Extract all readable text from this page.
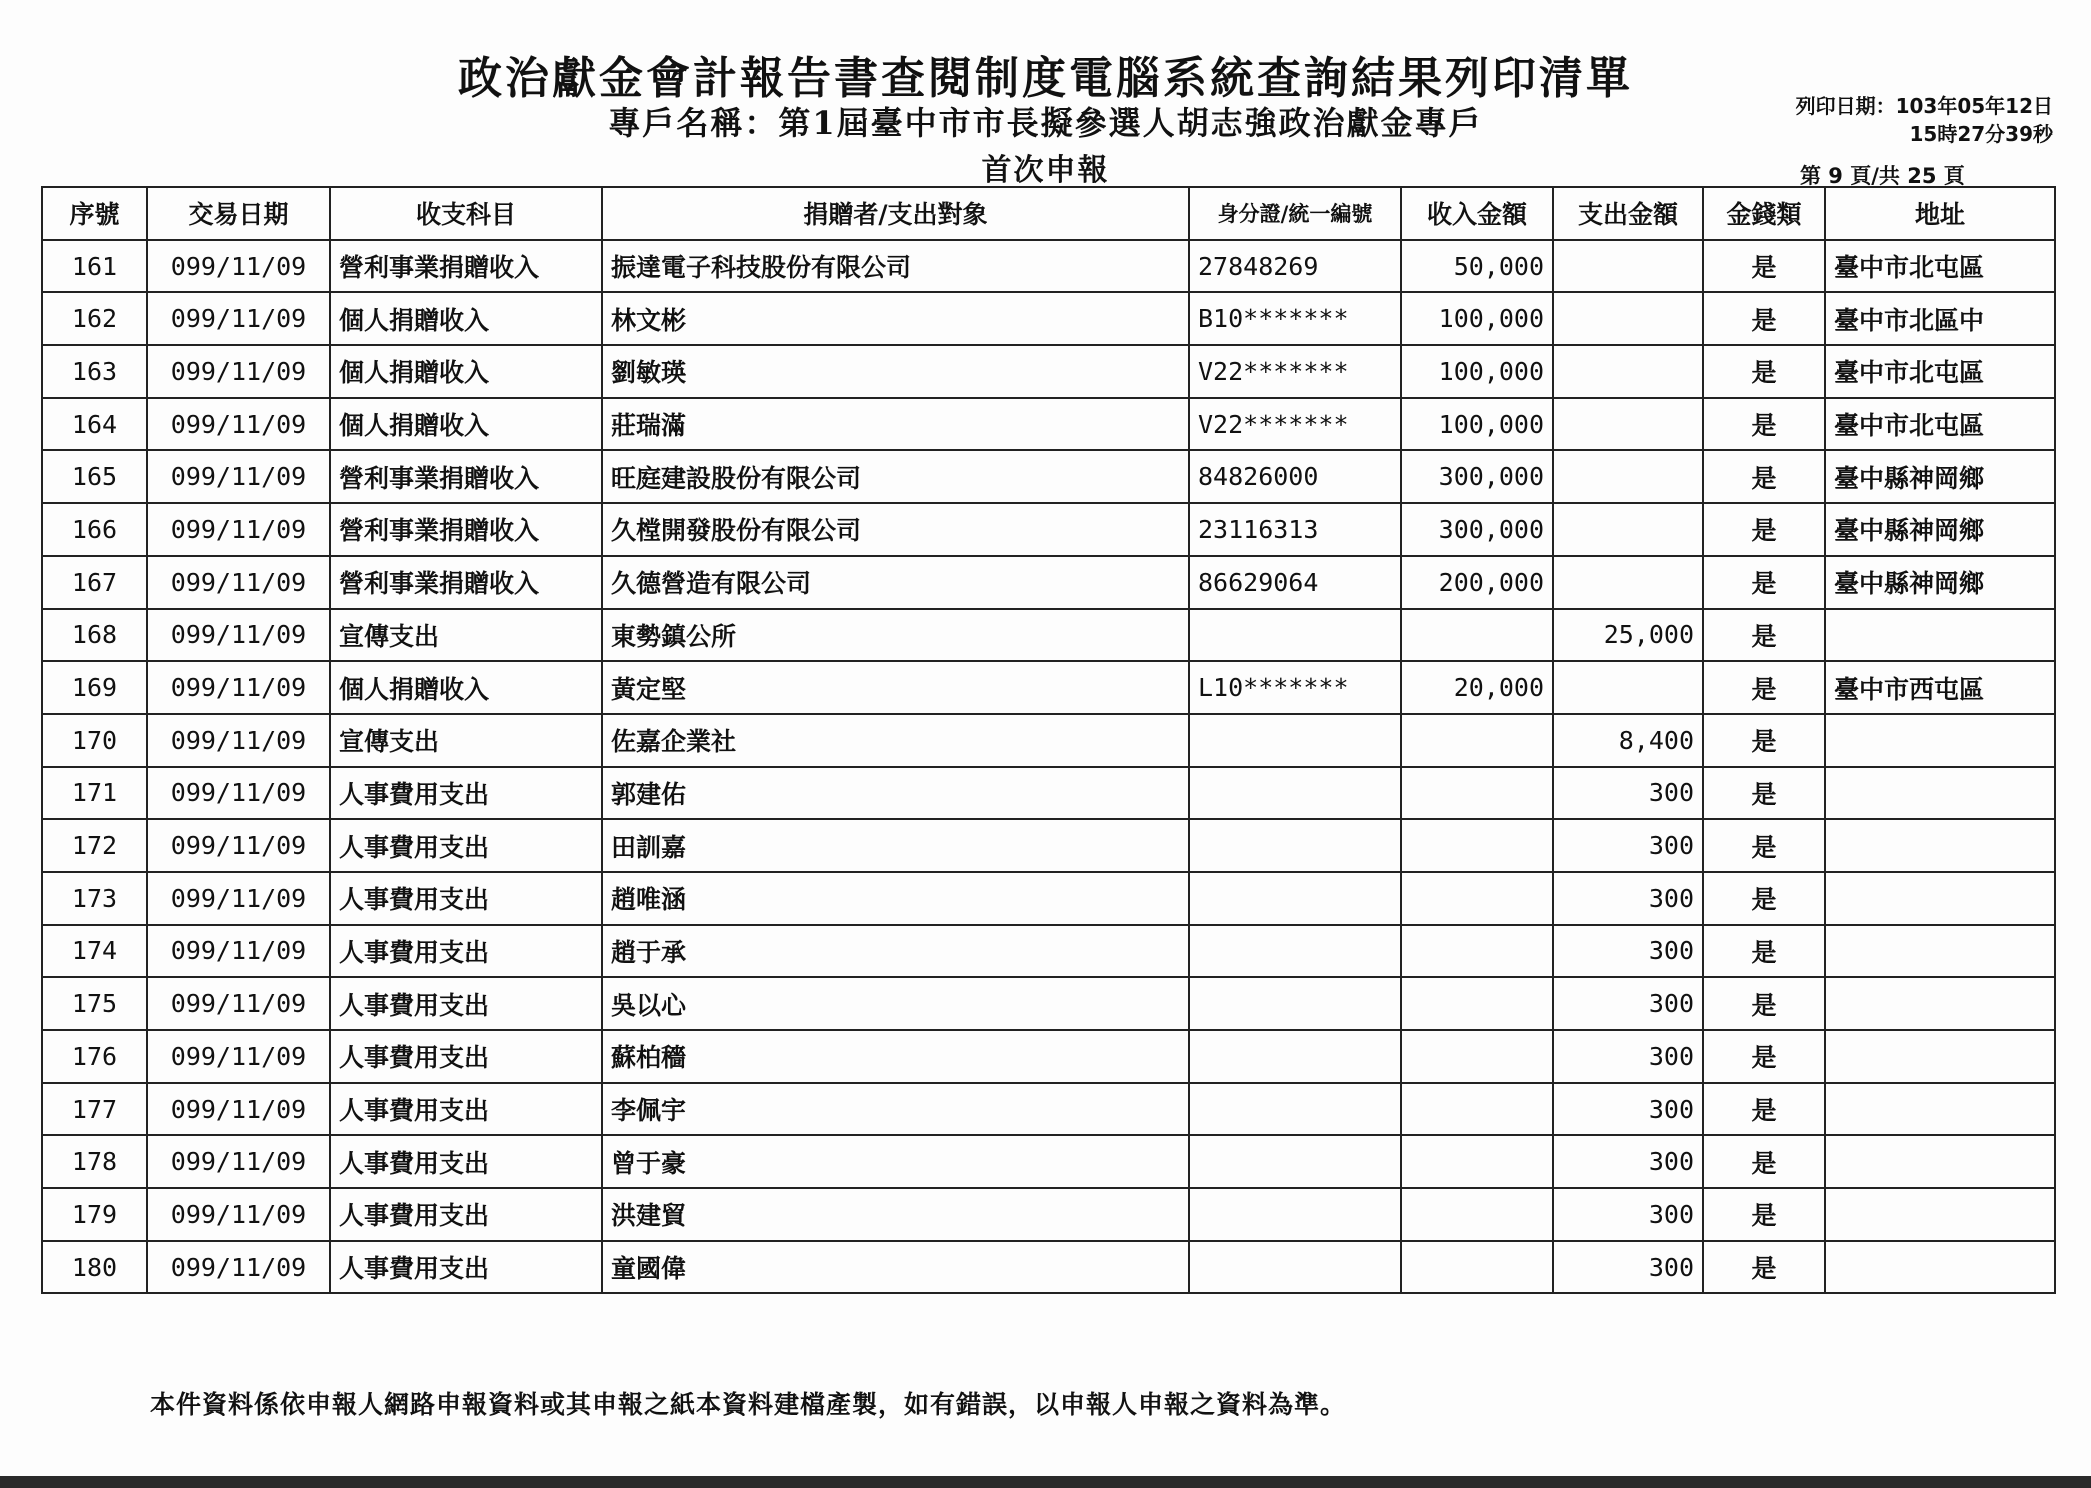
政治獻金會計報告書查閱制度電腦系統查詢結果列印清單
專戶名稱：第1屆臺中市市長擬參選人胡志強政治獻金專戶
首次申報
列印日期：103年05年12日
15時27分39秒
第 9 頁/共 25 頁
序號	交易日期	收支科目	捐贈者/支出對象	身分證/統一編號	收入金額	支出金額	金錢類	地址
161	099/11/09	營利事業捐贈收入	振達電子科技股份有限公司	27848269	50,000		是	臺中市北屯區
162	099/11/09	個人捐贈收入	林文彬	B10*******	100,000		是	臺中市北區中
163	099/11/09	個人捐贈收入	劉敏瑛	V22*******	100,000		是	臺中市北屯區
164	099/11/09	個人捐贈收入	莊瑞滿	V22*******	100,000		是	臺中市北屯區
165	099/11/09	營利事業捐贈收入	旺庭建設股份有限公司	84826000	300,000		是	臺中縣神岡鄉
166	099/11/09	營利事業捐贈收入	久樘開發股份有限公司	23116313	300,000		是	臺中縣神岡鄉
167	099/11/09	營利事業捐贈收入	久德營造有限公司	86629064	200,000		是	臺中縣神岡鄉
168	099/11/09	宣傳支出	東勢鎮公所			25,000	是	
169	099/11/09	個人捐贈收入	黃定堅	L10*******	20,000		是	臺中市西屯區
170	099/11/09	宣傳支出	佐嘉企業社			8,400	是	
171	099/11/09	人事費用支出	郭建佑			300	是	
172	099/11/09	人事費用支出	田訓嘉			300	是	
173	099/11/09	人事費用支出	趙唯涵			300	是	
174	099/11/09	人事費用支出	趙于承			300	是	
175	099/11/09	人事費用支出	吳以心			300	是	
176	099/11/09	人事費用支出	蘇柏穡			300	是	
177	099/11/09	人事費用支出	李佩宇			300	是	
178	099/11/09	人事費用支出	曾于豪			300	是	
179	099/11/09	人事費用支出	洪建貿			300	是	
180	099/11/09	人事費用支出	童國偉			300	是	
本件資料係依申報人網路申報資料或其申報之紙本資料建檔產製，如有錯誤，以申報人申報之資料為準。
